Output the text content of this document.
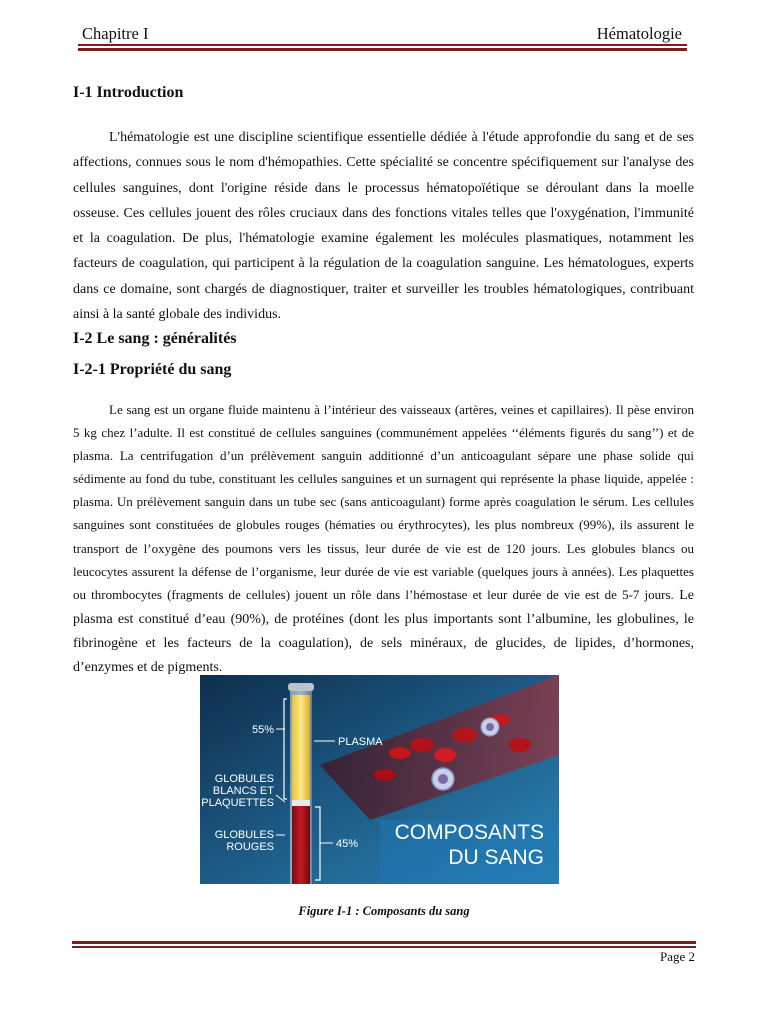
Chapitre I	Hématologie
I-1 Introduction

L'hématologie est une discipline scientifique essentielle dédiée à l'étude approfondie du sang et de ses affections, connues sous le nom d'hémopathies. Cette spécialité se concentre spécifiquement sur l'analyse des cellules sanguines, dont l'origine réside dans le processus hématopoïétique se déroulant dans la moelle osseuse. Ces cellules jouent des rôles cruciaux dans des fonctions vitales telles que l'oxygénation, l'immunité et la coagulation. De plus, l'hématologie examine également les molécules plasmatiques, notamment les facteurs de coagulation, qui participent à la régulation de la coagulation sanguine. Les hématologues, experts dans ce domaine, sont chargés de diagnostiquer, traiter et surveiller les troubles hématologiques, contribuant ainsi à la santé globale des individus.

I-2 Le sang : généralités
I-2-1 Propriété du sang

Le sang est un organe fluide maintenu à l’intérieur des vaisseaux (artères, veines et capillaires). Il pèse environ 5 kg chez l’adulte. Il est constitué de cellules sanguines (communément appelées ‘‘éléments figurés du sang’’) et de plasma. La centrifugation d’un prélèvement sanguin additionné d’un anticoagulant sépare une phase solide qui sédimente au fond du tube, constituant les cellules sanguines et un surnagent qui représente la phase liquide, appelée : plasma. Un prélèvement sanguin dans un tube sec (sans anticoagulant) forme après coagulation le sérum. Les cellules sanguines sont constituées de globules rouges (hématies ou érythrocytes), les plus nombreux (99%), ils assurent le transport de l’oxygène des poumons vers les tissus, leur durée de vie est de 120 jours. Les globules blancs ou leucocytes assurent la défense de l’organisme, leur durée de vie est variable (quelques jours à années). Les plaquettes ou thrombocytes (fragments de cellules) jouent un rôle dans l’hémostase et leur durée de vie est de 5-7 jours. Le plasma est constitué d’eau (90%), de protéines (dont les plus importants sont l’albumine, les globulines, le fibrinogène et les facteurs de la coagulation), de sels minéraux, de glucides, de lipides, d’hormones, d’enzymes et de pigments.

55%
PLASMA
GLOBULES
BLANCS ET
PLAQUETTES
GLOBULES
ROUGES	45% COMPOSANTS
DU SANG
Figure I-1 : Composants du sang
Page 2
